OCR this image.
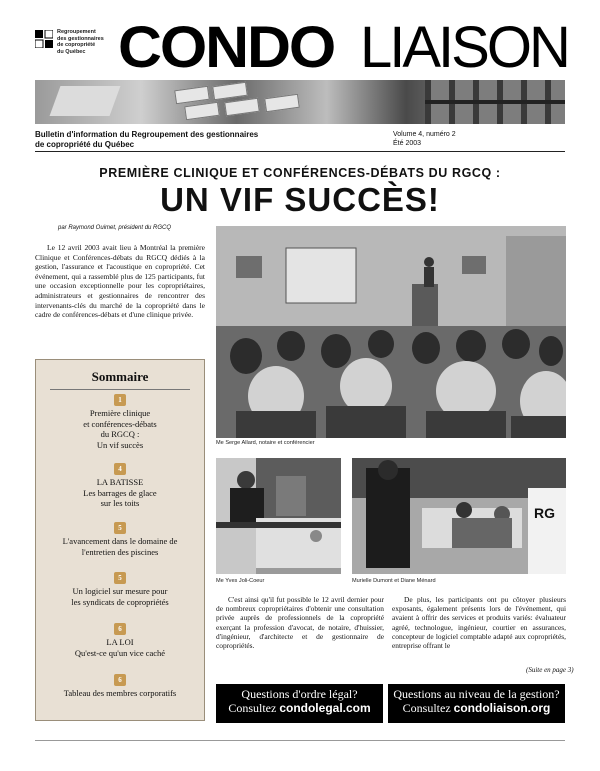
Regroupement
des gestionnaires
de copropriété
du Québec CONDO LIAISON
Bulletin d'information du Regroupement des gestionnaires
de copropriété du Québec
Volume 4, numéro 2
Été 2003
PREMIÈRE CLINIQUE ET CONFÉRENCES-DÉBATS DU RGCQ :
UN VIF SUCCÈS!
par Raymond Ouimet, président du RGCQ
Le 12 avril 2003 avait lieu à Montréal la première Clinique et Conférences-débats du RGCQ dédiés à la gestion, l'assurance et l'acoustique en copropriété. Cet événement, qui a rassemblé plus de 125 participants, fut une occasion exceptionnelle pour les copropriétaires, administrateurs et gestionnaires de rencontrer des intervenants-clés du marché de la copropriété dans le cadre de conférences-débats et d'une clinique privée.
Sommaire
1
Première clinique
et conférences-débats
du RGCQ :
Un vif succès
4
LA BATISSE
Les barrages de glace
sur les toits
5
L'avancement dans le domaine de
l'entretien des piscines
5
Un logiciel sur mesure pour
les syndicats de copropriétés
6
LA LOI
Qu'est-ce qu'un vice caché
6
Tableau des membres corporatifs
Me Serge Allard, notaire et conférencier
Me Yves Joli-Coeur
RG
Murielle Dumont et Diane Ménard
C'est ainsi qu'il fut possible le 12 avril dernier pour de nombreux copropriétaires d'obtenir une consultation privée auprès de professionnels de la copropriété exerçant la profession d'avocat, de notaire, d'huissier, d'ingénieur, d'architecte et de gestionnaire de copropriétés.
De plus, les participants ont pu côtoyer plusieurs exposants, également présents lors de l'événement, qui avaient à offrir des services et produits variés: évaluateur agréé, technologue, ingénieur, courtier en assurances, concepteur de logiciel comptable adapté aux copropriétés, entreprise offrant le
(Suite en page 3)
Questions d'ordre légal?
Consultez condolegal.com
Questions au niveau de la gestion?
Consultez condoliaison.org
